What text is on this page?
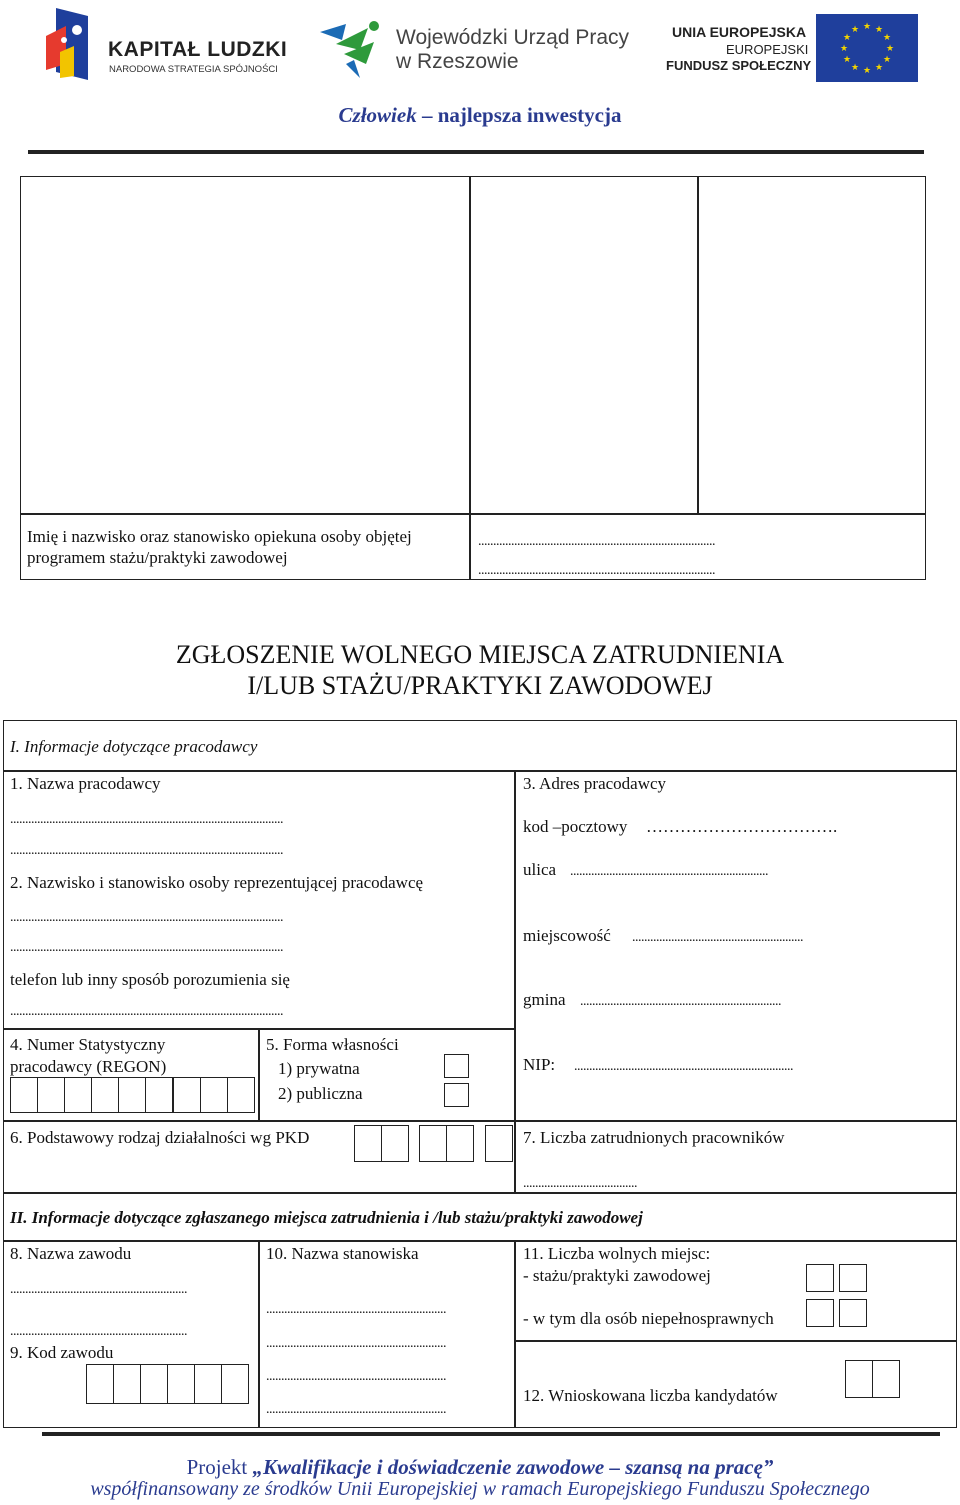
KAPITAŁ LUDZKI
NARODOWA STRATEGIA SPÓJNOŚCI
Wojewódzki Urząd Pracy
w Rzeszowie
UNIA EUROPEJSKA
EUROPEJSKI
FUNDUSZ SPOŁECZNY
★ ★
★
★
★
★
★
★
★
★
★
★
Człowiek – najlepsza inwestycja
Imię i nazwisko oraz stanowisko opiekuna osoby objętej
programem stażu/praktyki zawodowej
...............................................................................
...............................................................................
ZGŁOSZENIE WOLNEGO MIEJSCA ZATRUDNIENIA
I/LUB STAŻU/PRAKTYKI ZAWODOWEJ
I. Informacje dotyczące pracodawcy
1. Nazwa pracodawcy
...........................................................................................
...........................................................................................
2. Nazwisko i stanowisko osoby reprezentującej pracodawcę
...........................................................................................
...........................................................................................
telefon lub inny sposób porozumienia się
...........................................................................................
3. Adres pracodawcy
kod –pocztowy …………………………….
ulica ..................................................................
miejscowość .........................................................
gmina ...................................................................
NIP: .........................................................................
4. Numer Statystyczny
pracodawcy (REGON)
5. Forma własności
1) prywatna
2) publiczna
6. Podstawowy rodzaj działalności wg PKD	7. Liczba zatrudnionych pracowników
......................................
II. Informacje dotyczące zgłaszanego miejsca zatrudnienia i /lub stażu/praktyki zawodowej
8. Nazwa zawodu
...........................................................
...........................................................
9. Kod zawodu
10. Nazwa stanowiska
............................................................
............................................................
............................................................
............................................................
11. Liczba wolnych miejsc:
- stażu/praktyki zawodowej
- w tym dla osób niepełnosprawnych
12. Wnioskowana liczba kandydatów
Projekt „Kwalifikacje i doświadczenie zawodowe – szansą na pracę”
współfinansowany ze środków Unii Europejskiej w ramach Europejskiego Funduszu Społecznego
